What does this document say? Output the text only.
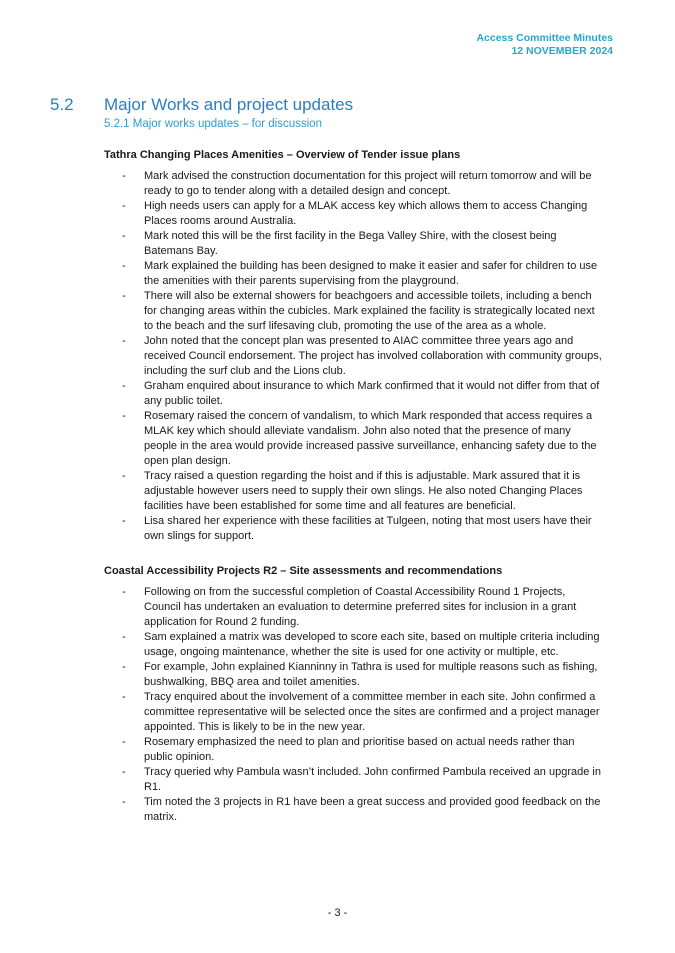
Access Committee Minutes
12 NOVEMBER 2024
5.2 Major Works and project updates
5.2.1 Major works updates – for discussion

Tathra Changing Places Amenities – Overview of Tender issue plans

- Mark advised the construction documentation for this project will return tomorrow and will be ready to go to tender along with a detailed design and concept.
- High needs users can apply for a MLAK access key which allows them to access Changing Places rooms around Australia.
- Mark noted this will be the first facility in the Bega Valley Shire, with the closest being Batemans Bay.
- Mark explained the building has been designed to make it easier and safer for children to use the amenities with their parents supervising from the playground.
- There will also be external showers for beachgoers and accessible toilets, including a bench for changing areas within the cubicles. Mark explained the facility is strategically located next to the beach and the surf lifesaving club, promoting the use of the area as a whole.
- John noted that the concept plan was presented to AIAC committee three years ago and received Council endorsement. The project has involved collaboration with community groups, including the surf club and the Lions club.
- Graham enquired about insurance to which Mark confirmed that it would not differ from that of any public toilet.
- Rosemary raised the concern of vandalism, to which Mark responded that access requires a MLAK key which should alleviate vandalism. John also noted that the presence of many people in the area would provide increased passive surveillance, enhancing safety due to the open plan design.
- Tracy raised a question regarding the hoist and if this is adjustable. Mark assured that it is adjustable however users need to supply their own slings. He also noted Changing Places facilities have been established for some time and all features are beneficial.
- Lisa shared her experience with these facilities at Tulgeen, noting that most users have their own slings for support.

Coastal Accessibility Projects R2 – Site assessments and recommendations

- Following on from the successful completion of Coastal Accessibility Round 1 Projects, Council has undertaken an evaluation to determine preferred sites for inclusion in a grant application for Round 2 funding.
- Sam explained a matrix was developed to score each site, based on multiple criteria including usage, ongoing maintenance, whether the site is used for one activity or multiple, etc.
- For example, John explained Kianninny in Tathra is used for multiple reasons such as fishing, bushwalking, BBQ area and toilet amenities.
- Tracy enquired about the involvement of a committee member in each site. John confirmed a committee representative will be selected once the sites are confirmed and a project manager appointed. This is likely to be in the new year.
- Rosemary emphasized the need to plan and prioritise based on actual needs rather than public opinion.
- Tracy queried why Pambula wasn’t included. John confirmed Pambula received an upgrade in R1.
- Tim noted the 3 projects in R1 have been a great success and provided good feedback on the matrix.
- 3 -
